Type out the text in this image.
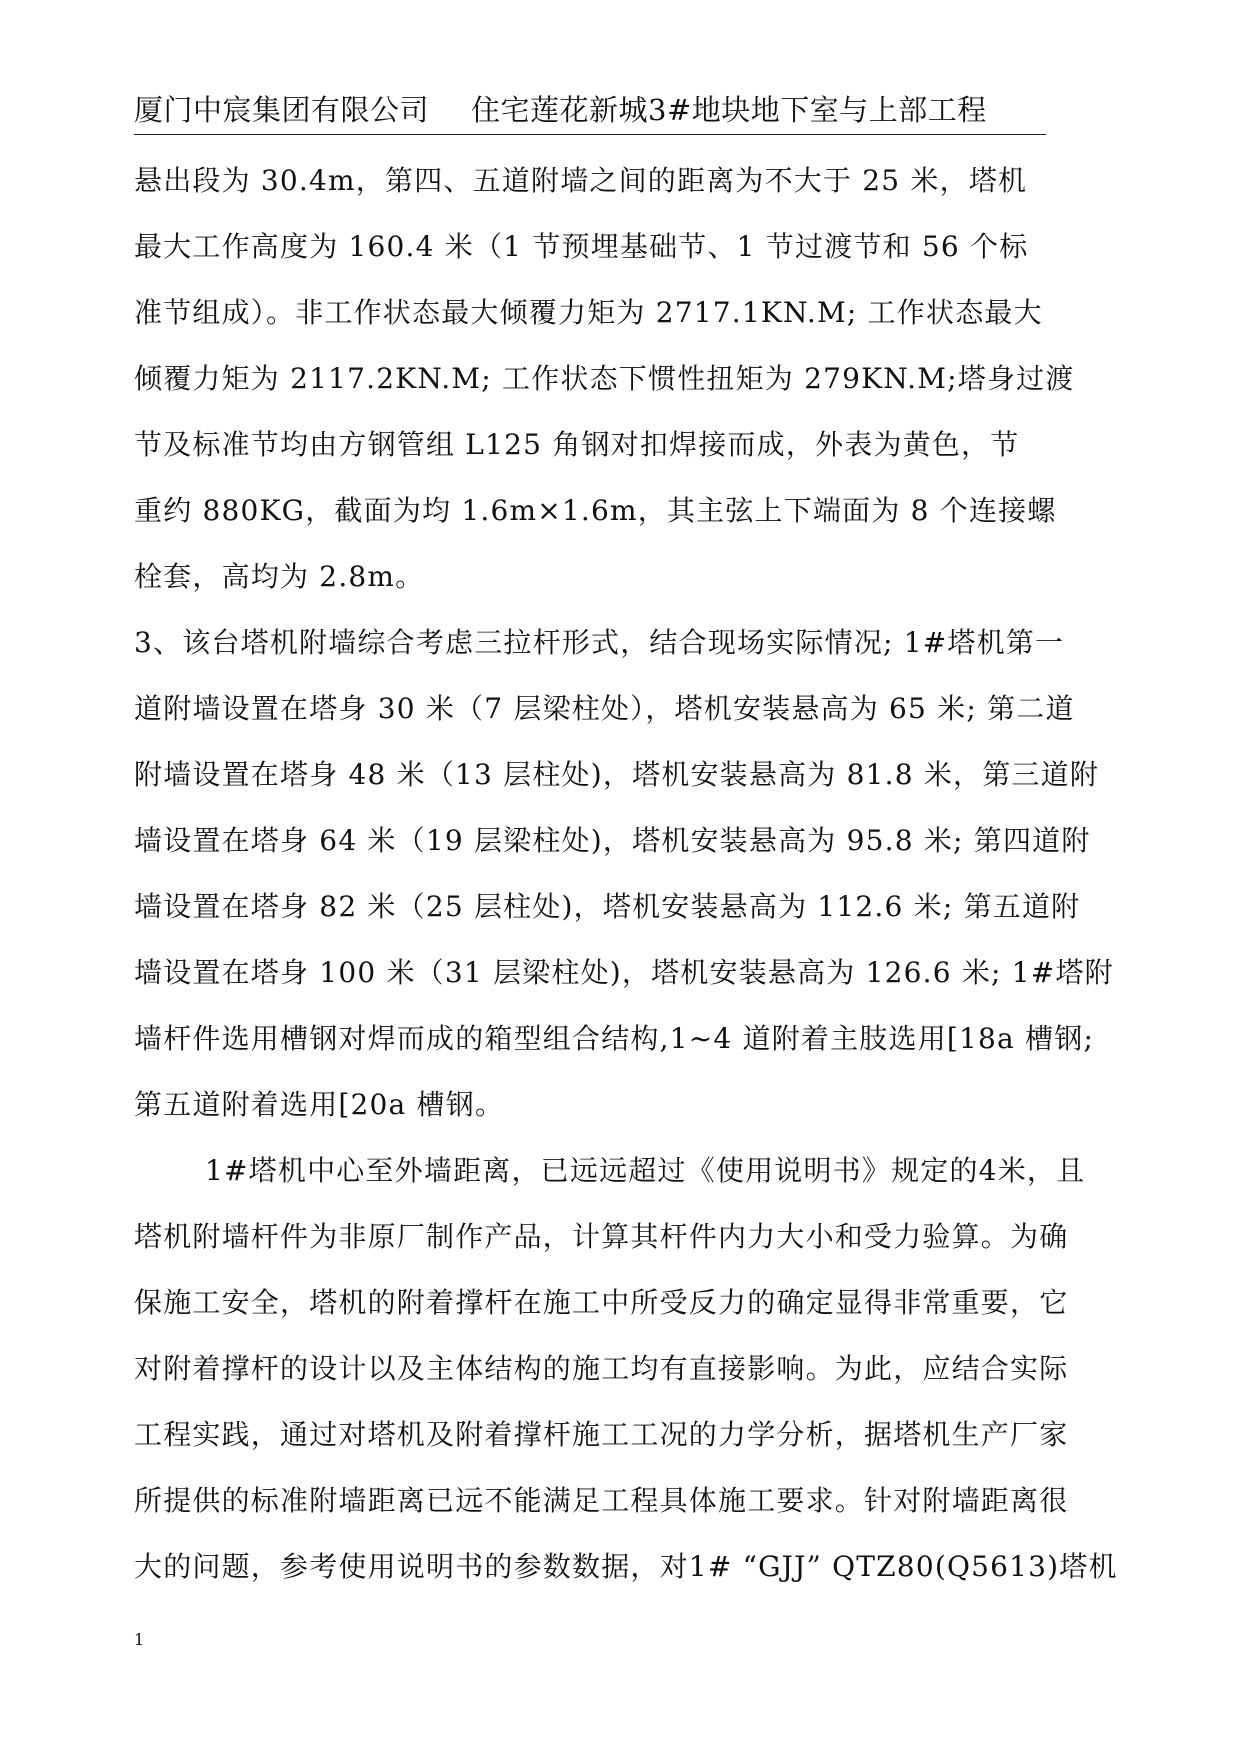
厦门中宸集团有限公司 住宅莲花新城3#地块地下室与上部工程
悬出段为 30.4m，第四、五道附墙之间的距离为不大于 25 米，塔机
最大工作高度为 160.4 米（1 节预埋基础节、1 节过渡节和 56 个标
准节组成）。非工作状态最大倾覆力矩为 2717.1KN.M; 工作状态最大
倾覆力矩为 2117.2KN.M; 工作状态下惯性扭矩为 279KN.M;塔身过渡
节及标准节均由方钢管组 L125 角钢对扣焊接而成，外表为黄色，节
重约 880KG，截面为均 1.6m×1.6m，其主弦上下端面为 8 个连接螺
栓套，高均为 2.8m。
3、该台塔机附墙综合考虑三拉杆形式，结合现场实际情况; 1#塔机第一
道附墙设置在塔身 30 米（7 层梁柱处），塔机安装悬高为 65 米; 第二道
附墙设置在塔身 48 米（13 层柱处)，塔机安装悬高为 81.8 米，第三道附
墙设置在塔身 64 米（19 层梁柱处)，塔机安装悬高为 95.8 米; 第四道附
墙设置在塔身 82 米（25 层柱处)，塔机安装悬高为 112.6 米; 第五道附
墙设置在塔身 100 米（31 层梁柱处)，塔机安装悬高为 126.6 米; 1#塔附
墙杆件选用槽钢对焊而成的箱型组合结构,1~4 道附着主肢选用[18a 槽钢;
第五道附着选用[20a 槽钢。
1#塔机中心至外墙距离，已远远超过《使用说明书》规定的4米，且
塔机附墙杆件为非原厂制作产品，计算其杆件内力大小和受力验算。为确
保施工安全，塔机的附着撑杆在施工中所受反力的确定显得非常重要，它
对附着撑杆的设计以及主体结构的施工均有直接影响。为此，应结合实际
工程实践，通过对塔机及附着撑杆施工工况的力学分析，据塔机生产厂家
所提供的标准附墙距离已远不能满足工程具体施工要求。针对附墙距离很
大的问题，参考使用说明书的参数数据，对1# “GJJ” QTZ80(Q5613)塔机
1
